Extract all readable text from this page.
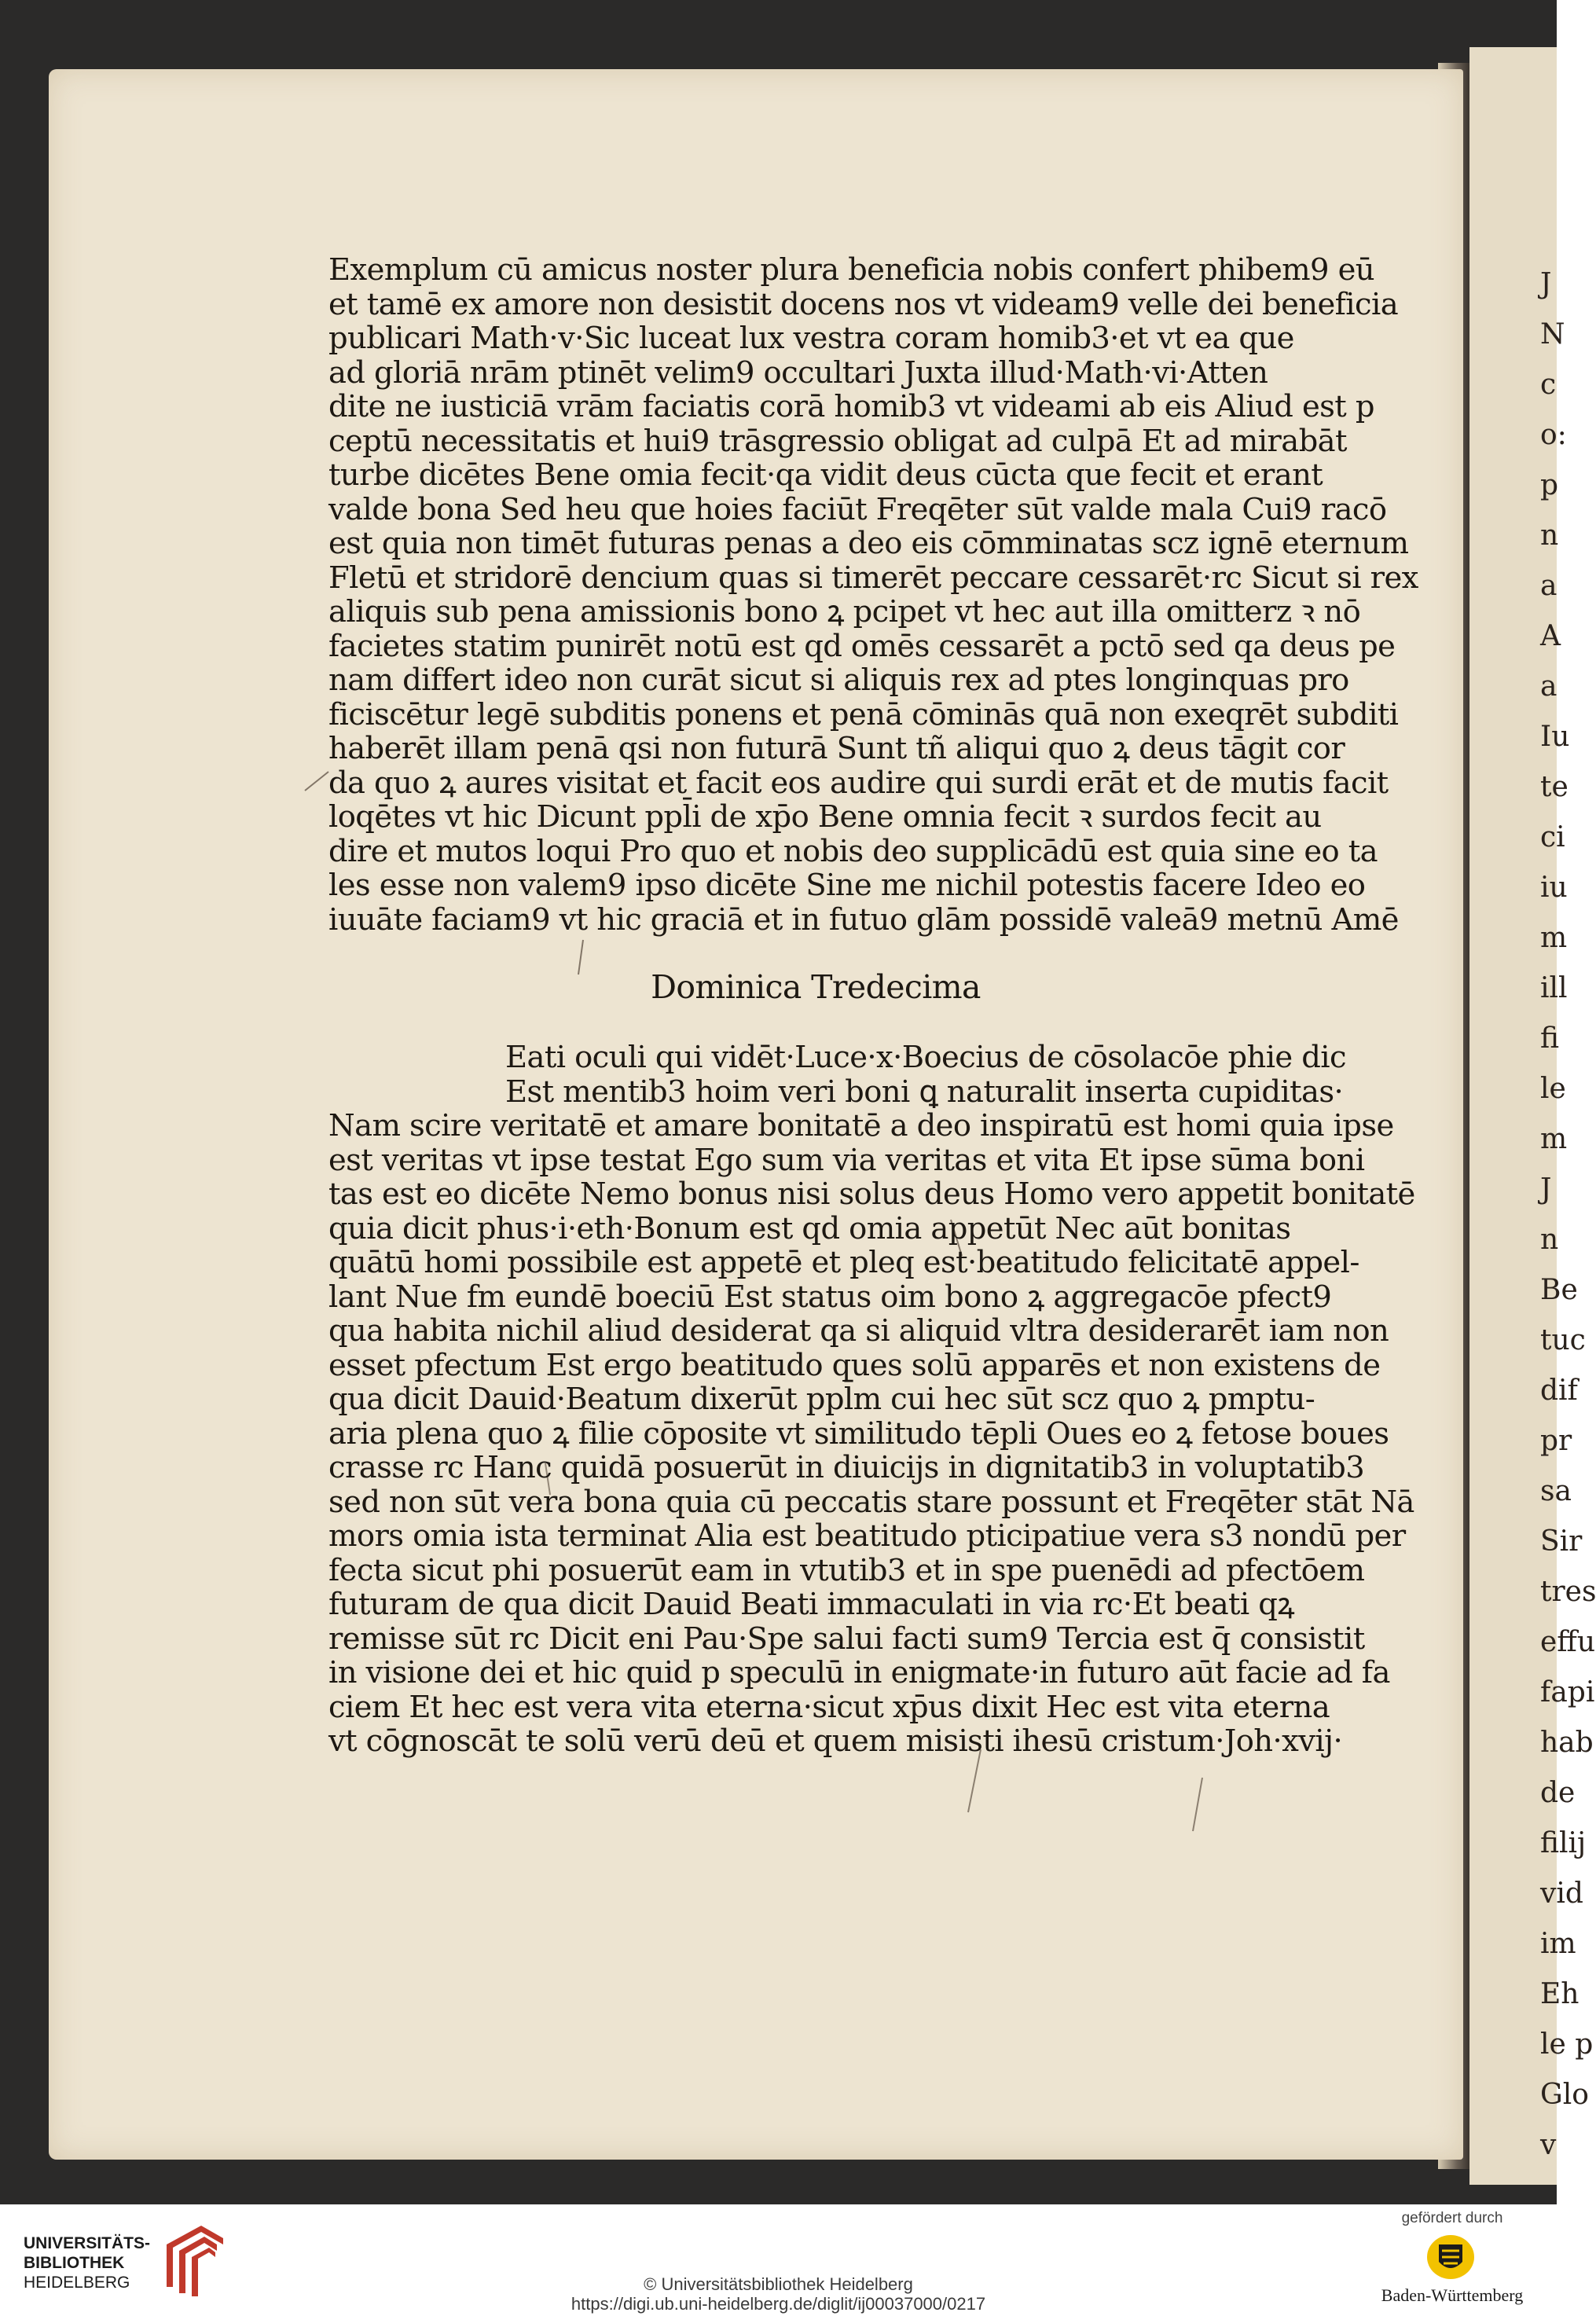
J
N
c
o:
p
n
a
A
a
Iu
te
ci
iu
m
ill
fi
le
m
J
n
Be
tuc
dif
pr
sa
Sir
tres
effu
fapi
hab
de
filij
vid
im
Eh
le p
Glo
v
Exemplum cū amicus noster plura beneficia nobis confert phibem9 eū
et tamē ex amore non desistit docens nos vt videam9 velle dei beneficia
publicari Math·v·Sic luceat lux vestra coram homib3·et vt ea que
ad gloriā nrām ptinēt velim9 occultari Juxta illud·Math·vi·Atten
dite ne iusticiā vrām faciatis corā homib3 vt videami ab eis Aliud est p
ceptū necessitatis et hui9 trāsgressio obligat ad culpā Et ad mirabāt
turbe dicētes Bene omia fecit·qa vidit deus cūcta que fecit et erant
valde bona Sed heu que hoies faciūt Freqēter sūt valde mala Cui9 racō
est quia non timēt futuras penas a deo eis cōmminatas scz ignē eternum
Fletū et stridorē dencium quas si timerēt peccare cessarēt·rc Sicut si rex
aliquis sub pena amissionis bono ꝝ pcipet vt hec aut illa omitterz ꝛ nō
facietes statim punirēt notū est qd omēs cessarēt a pctō sed qa deus pe
nam differt ideo non curāt sicut si aliquis rex ad ptes longinquas pro
ficiscētur legē subditis ponens et penā cōminās quā non exeqrēt subditi
haberēt illam penā qsi non futurā Sunt tñ aliqui quo ꝝ deus tāgit cor
da quo ꝝ aures visitat et facit eos audire qui surdi erāt et de mutis facit
loqētes vt hic Dicunt ppl̄i de xp̄o Bene omnia fecit ꝛ surdos fecit au
dire et mutos loqui Pro quo et nobis deo supplicādū est quia sine eo ta
les esse non valem9 ipso dicēte Sine me nichil potestis facere Ideo eo
iuuāte faciam9 vt hic graciā et in futuo glām possidē valeā9 metnū Amē
Dominica Tredecima
Eati oculi qui vidēt·Luce·x·Boecius de cōsolacōe phie dic
Est mentib3 hoim veri boni ꝗ naturalit inserta cupiditas·
Nam scire veritatē et amare bonitatē a deo inspiratū est homi quia ipse
est veritas vt ipse testat Ego sum via veritas et vita Et ipse sūma boni
tas est eo dicēte Nemo bonus nisi solus deus Homo vero appetit bonitatē
quia dicit phus·i·eth·Bonum est qd omia appetūt Nec aūt bonitas
quātū homi possibile est appetē et pleq est·beatitudo felicitatē appel-
lant Nue fm eundē boeciū Est status oim bono ꝝ aggregacōe pfect9
qua habita nichil aliud desiderat qa si aliquid vltra desiderarēt iam non
esset pfectum Est ergo beatitudo ques solū apparēs et non existens de
qua dicit Dauid·Beatum dixerūt ppl̄m cui hec sūt scz quo ꝝ pmptu-
aria plena quo ꝝ filie cōposite vt similitudo tēpli Oues eo ꝝ fetose boues
crasse rc Hanc quidā posuerūt in diuicijs in dignitatib3 in voluptatib3
sed non sūt vera bona quia cū peccatis stare possunt et Freqēter stāt Nā
mors omia ista terminat Alia est beatitudo pticipatiue vera s3 nondū per
fecta sicut phi posuerūt eam in vtutib3 et in spe puenēdi ad pfectōem
futuram de qua dicit Dauid Beati immaculati in via rc·Et beati qꝝ
remisse sūt rc Dicit eni Pau·Spe salui facti sum9 Tercia est q̄ consistit
in visione dei et hic quid p speculū in enigmate·in futuro aūt facie ad fa
ciem Et hec est vera vita eterna·sicut xp̄us dixit Hec est vita eterna
vt cōgnoscāt te solū verū deū et quem misisti ihesū cristum·Joh·xvij·
UNIVERSITÄTS-
BIBLIOTHEK
HEIDELBERG	© Universitätsbibliothek Heidelberg
https://digi.ub.uni-heidelberg.de/diglit/ij00037000/0217
gefördert durch
Baden-Württemberg
